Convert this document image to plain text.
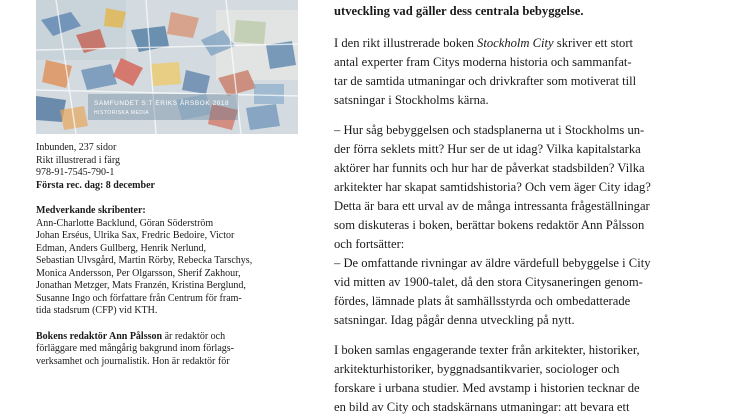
SAMFUNDET S:T ERIKS ÅRSBOK 2018
HISTORISKA MEDIA
Inbunden, 237 sidor
Rikt illustrerad i färg
978-91-7545-790-1
Första rec. dag: 8 december
Medverkande skribenter:
Ann-Charlotte Backlund, Göran Söderström
Johan Erséus, Ulrika Sax, Fredric Bedoire, Victor
Edman, Anders Gullberg, Henrik Nerlund,
Sebastian Ulvsgård, Martin Rörby, Rebecka Tarschys,
Monica Andersson, Per Olgarsson, Sherif Zakhour,
Jonathan Metzger, Mats Franzén, Kristina Berglund,
Susanne Ingo och författare från Centrum för fram-
tida stadsrum (CFP) vid KTH.
Bokens redaktör Ann Pålsson är redaktör och
förläggare med mångårig bakgrund inom förlags-
verksamhet och journalistik. Hon är redaktör för
utveckling vad gäller dess centrala bebyggelse.

I den rikt illustrerade boken Stockholm City skriver ett stort
antal experter fram Citys moderna historia och sammanfat-
tar de samtida utmaningar och drivkrafter som motiverat till
satsningar i Stockholms kärna.

– Hur såg bebyggelsen och stadsplanerna ut i Stockholms un-
der förra seklets mitt? Hur ser de ut idag? Vilka kapitalstarka
aktörer har funnits och hur har de påverkat stadsbilden? Vilka
arkitekter har skapat samtidshistoria? Och vem äger City idag?
Detta är bara ett urval av de många intressanta frågeställningar
som diskuteras i boken, berättar bokens redaktör Ann Pålsson
och fortsätter:
– De omfattande rivningar av äldre värdefull bebyggelse i City
vid mitten av 1900-talet, då den stora Citysaneringen genom-
fördes, lämnade plats åt samhällsstyrda och ombedatterade
satsningar. Idag pågår denna utveckling på nytt.

I boken samlas engagerande texter från arkitekter, historiker,
arkitekturhistoriker, byggnadsantikvarier, sociologer och
forskare i urbana studier. Med avstamp i historien tecknar de
en bild av City och stadskärnans utmaningar: att bevara ett
